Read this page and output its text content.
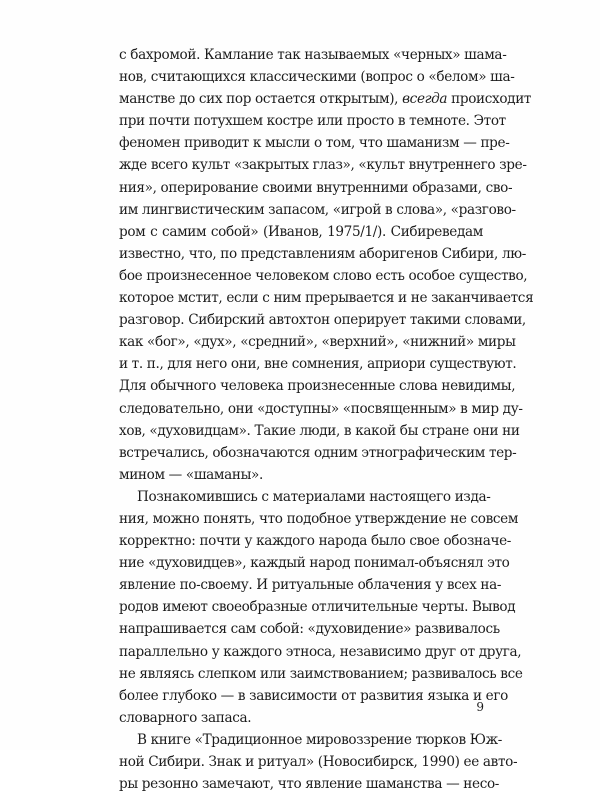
с бахромой. Камлание так называемых «черных» шама-
нов, считающихся классическими (вопрос о «белом» ша-
манстве до сих пор остается открытым), всегда происходит
при почти потухшем костре или просто в темноте. Этот
феномен приводит к мысли о том, что шаманизм — пре-
жде всего культ «закрытых глаз», «культ внутреннего зре-
ния», оперирование своими внутренними образами, сво-
им лингвистическим запасом, «игрой в слова», «разгово-
ром с самим собой» (Иванов, 1975/1/). Сибиреведам
известно, что, по представлениям аборигенов Сибири, лю-
бое произнесенное человеком слово есть особое существо,
которое мстит, если с ним прерывается и не заканчивается
разговор. Сибирский автохтон оперирует такими словами,
как «бог», «дух», «средний», «верхний», «нижний» миры
и т. п., для него они, вне сомнения, априори существуют.
Для обычного человека произнесенные слова невидимы,
следовательно, они «доступны» «посвященным» в мир ду-
хов, «духовидцам». Такие люди, в какой бы стране они ни
встречались, обозначаются одним этнографическим тер-
мином — «шаманы».

Познакомившись с материалами настоящего изда-
ния, можно понять, что подобное утверждение не совсем
корректно: почти у каждого народа было свое обозначе-
ние «духовидцев», каждый народ понимал-объяснял это
явление по-своему. И ритуальные облачения у всех на-
родов имеют своеобразные отличительные черты. Вывод
напрашивается сам собой: «духовидение» развивалось
параллельно у каждого этноса, независимо друг от друга,
не являясь слепком или заимствованием; развивалось все
более глубоко — в зависимости от развития языка и его
словарного запаса.

В книге «Традиционное мировоззрение тюрков Юж-
ной Сибири. Знак и ритуал» (Новосибирск, 1990) ее авто-
ры резонно замечают, что явление шаманства — несо-

9
